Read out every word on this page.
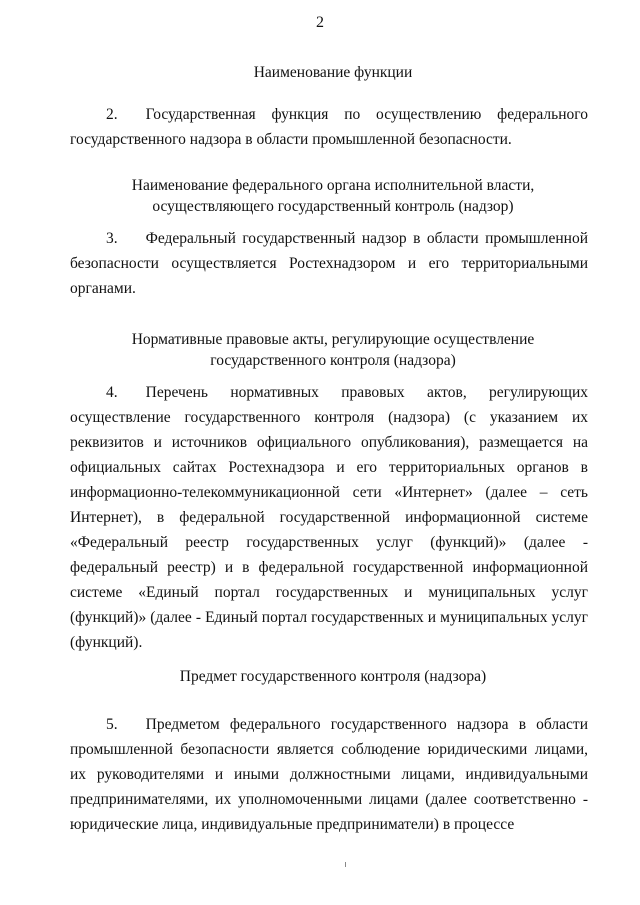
2
Наименование функции
2. Государственная функция по осуществлению федерального государственного надзора в области промышленной безопасности.
Наименование федерального органа исполнительной власти,
осуществляющего государственный контроль (надзор)
3. Федеральный государственный надзор в области промышленной безопасности осуществляется Ростехнадзором и его территориальными органами.
Нормативные правовые акты, регулирующие осуществление
государственного контроля (надзора)
4. Перечень нормативных правовых актов, регулирующих осуществление государственного контроля (надзора) (с указанием их реквизитов и источников официального опубликования), размещается на официальных сайтах Ростехнадзора и его территориальных органов в информационно-телекоммуникационной сети «Интернет» (далее – сеть Интернет), в федеральной государственной информационной системе «Федеральный реестр государственных услуг (функций)» (далее - федеральный реестр) и в федеральной государственной информационной системе «Единый портал государственных и муниципальных услуг (функций)» (далее - Единый портал государственных и муниципальных услуг (функций).
Предмет государственного контроля (надзора)
5. Предметом федерального государственного надзора в области промышленной безопасности является соблюдение юридическими лицами, их руководителями и иными должностными лицами, индивидуальными предпринимателями, их уполномоченными лицами (далее соответственно - юридические лица, индивидуальные предприниматели) в процессе
